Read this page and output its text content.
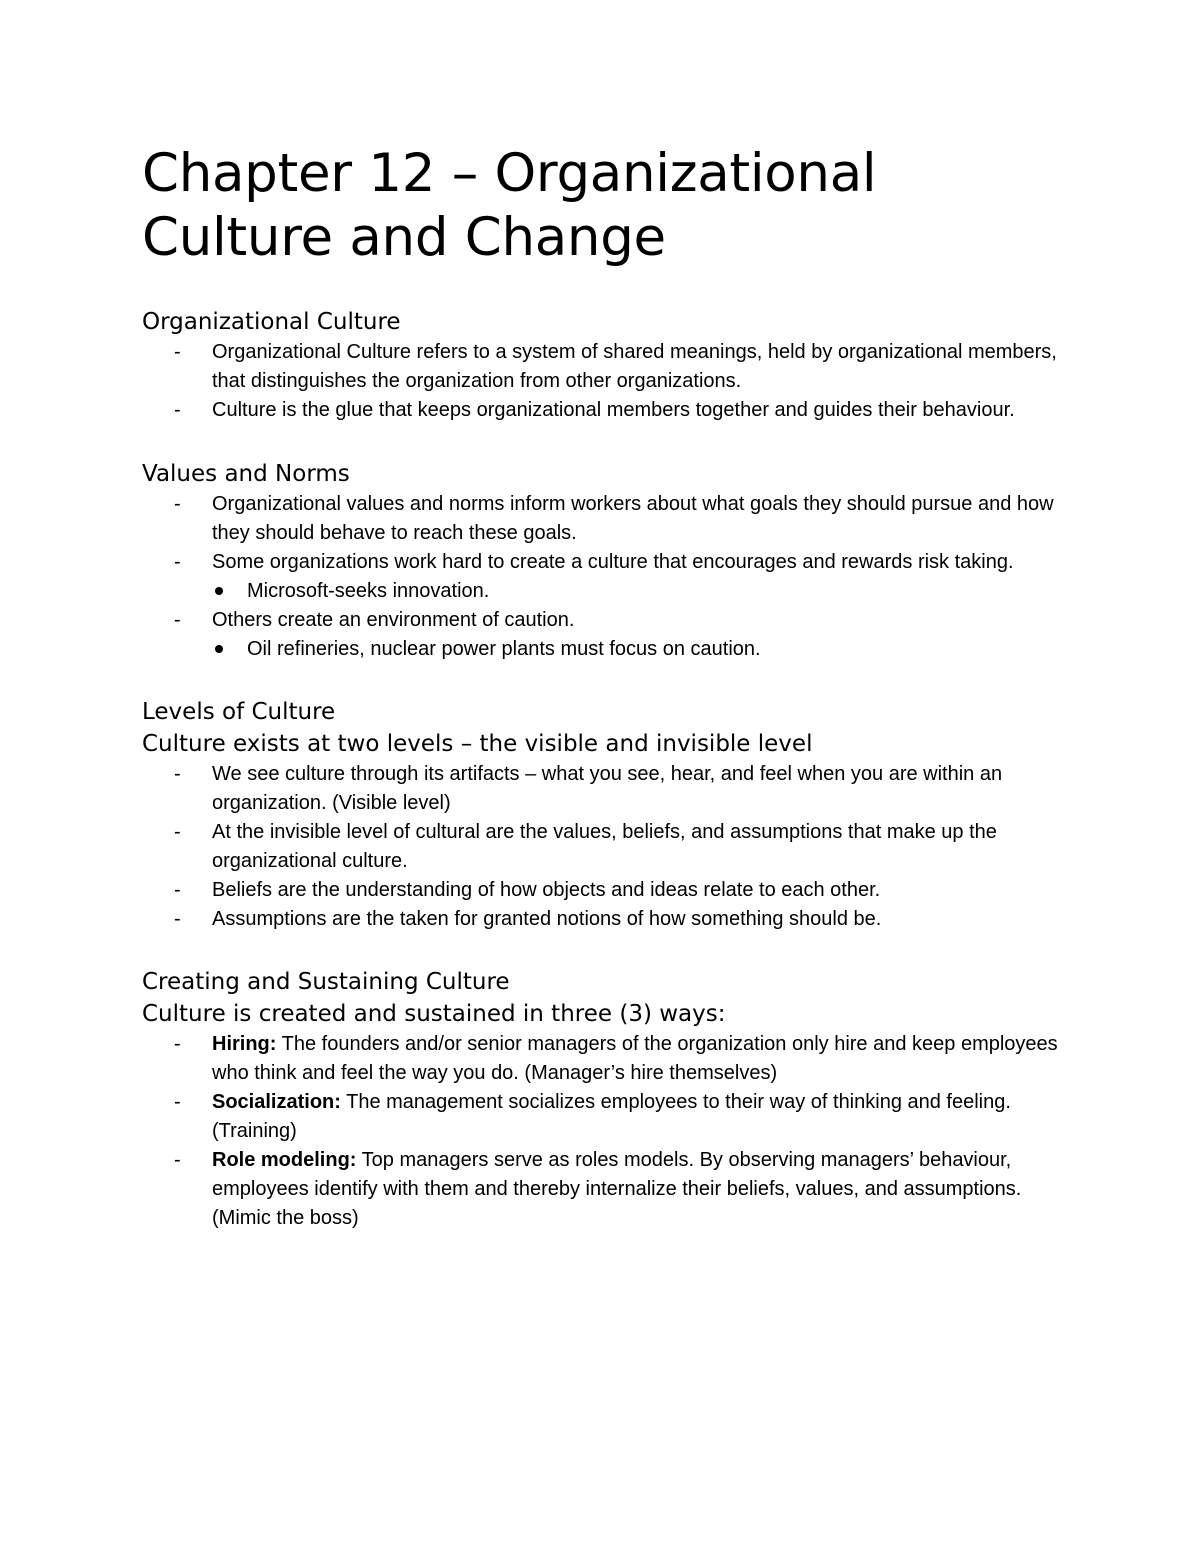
Chapter 12 – Organizational
Culture and Change
Organizational Culture
-	Organizational Culture refers to a system of shared meanings, held by organizational members, that distinguishes the organization from other organizations.
-	Culture is the glue that keeps organizational members together and guides their behaviour.
Values and Norms
-	Organizational values and norms inform workers about what goals they should pursue and how they should behave to reach these goals.
-	Some organizations work hard to create a culture that encourages and rewards risk taking.
Microsoft-seeks innovation.
-	Others create an environment of caution.
Oil refineries, nuclear power plants must focus on caution.
Levels of Culture
Culture exists at two levels – the visible and invisible level
-	We see culture through its artifacts – what you see, hear, and feel when you are within an organization. (Visible level)
-	At the invisible level of cultural are the values, beliefs, and assumptions that make up the organizational culture.
-	Beliefs are the understanding of how objects and ideas relate to each other.
-	Assumptions are the taken for granted notions of how something should be.
Creating and Sustaining Culture
Culture is created and sustained in three (3) ways:
-	Hiring: The founders and/or senior managers of the organization only hire and keep employees who think and feel the way you do. (Manager’s hire themselves)
-	Socialization: The management socializes employees to their way of thinking and feeling. (Training)
-	Role modeling: Top managers serve as roles models. By observing managers’ behaviour, employees identify with them and thereby internalize their beliefs, values, and assumptions. (Mimic the boss)
